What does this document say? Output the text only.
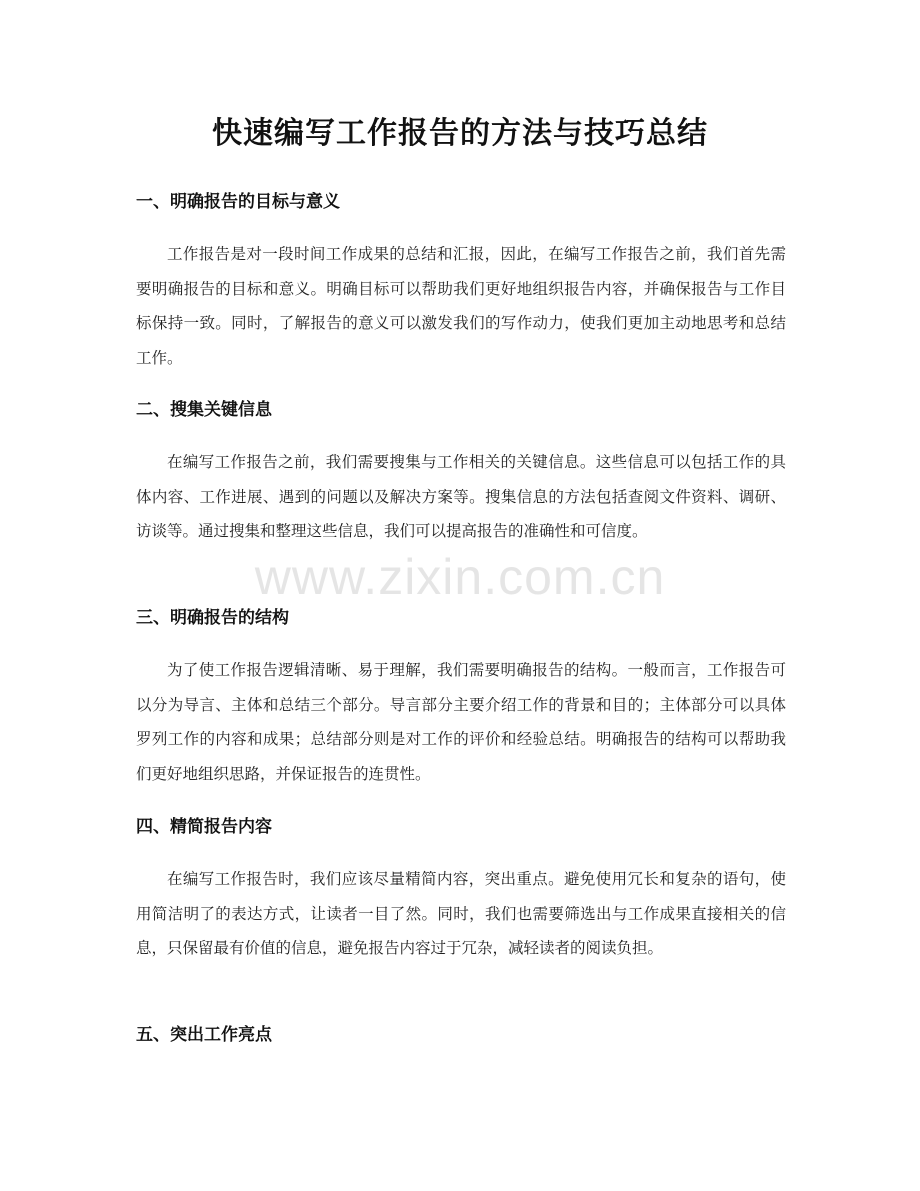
快速编写工作报告的方法与技巧总结
一、明确报告的目标与意义

工作报告是对一段时间工作成果的总结和汇报，因此，在编写工作报告之前，我们首先需要明确报告的目标和意义。明确目标可以帮助我们更好地组织报告内容，并确保报告与工作目标保持一致。同时，了解报告的意义可以激发我们的写作动力，使我们更加主动地思考和总结工作。

二、搜集关键信息

在编写工作报告之前，我们需要搜集与工作相关的关键信息。这些信息可以包括工作的具体内容、工作进展、遇到的问题以及解决方案等。搜集信息的方法包括查阅文件资料、调研、访谈等。通过搜集和整理这些信息，我们可以提高报告的准确性和可信度。

三、明确报告的结构

为了使工作报告逻辑清晰、易于理解，我们需要明确报告的结构。一般而言，工作报告可以分为导言、主体和总结三个部分。导言部分主要介绍工作的背景和目的；主体部分可以具体罗列工作的内容和成果；总结部分则是对工作的评价和经验总结。明确报告的结构可以帮助我们更好地组织思路，并保证报告的连贯性。

四、精简报告内容

在编写工作报告时，我们应该尽量精简内容，突出重点。避免使用冗长和复杂的语句，使用简洁明了的表达方式，让读者一目了然。同时，我们也需要筛选出与工作成果直接相关的信息，只保留最有价值的信息，避免报告内容过于冗杂，减轻读者的阅读负担。

五、突出工作亮点
www.zixin.com.cn
